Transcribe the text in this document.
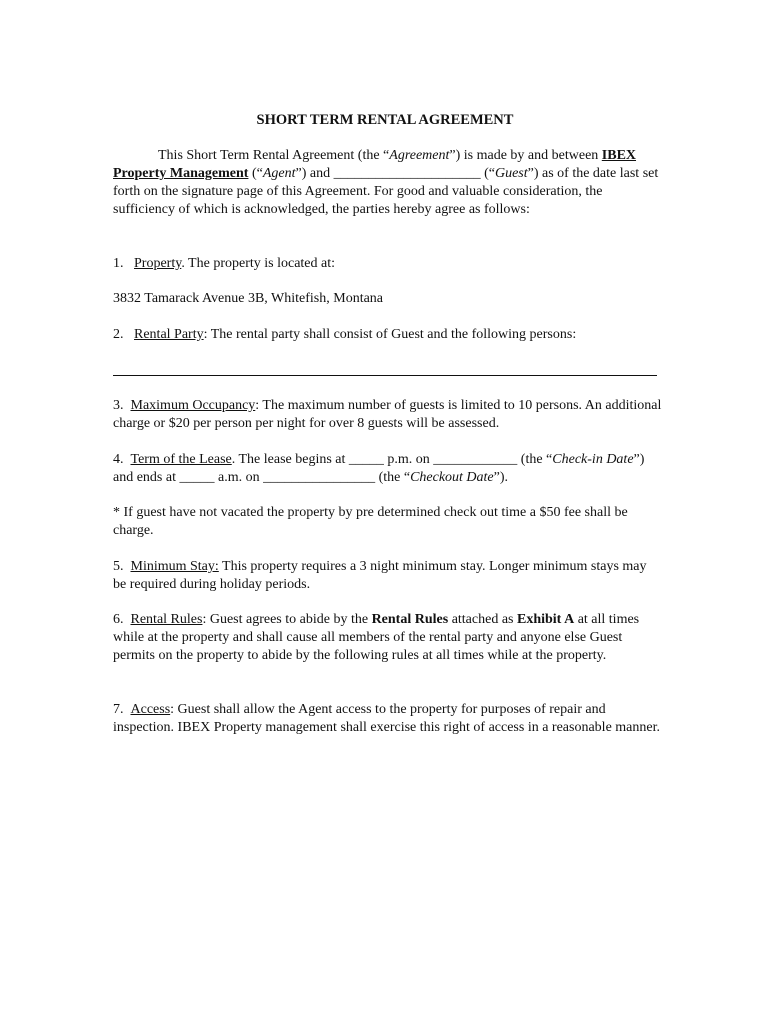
SHORT TERM RENTAL AGREEMENT
This Short Term Rental Agreement (the “Agreement”) is made by and between IBEX Property Management (“Agent”) and _____________________ (“Guest”) as of the date last set forth on the signature page of this Agreement. For good and valuable consideration, the sufficiency of which is acknowledged, the parties hereby agree as follows:
1. Property. The property is located at:
3832 Tamarack Avenue 3B, Whitefish, Montana
2. Rental Party: The rental party shall consist of Guest and the following persons:
3. Maximum Occupancy: The maximum number of guests is limited to 10 persons. An additional charge or $20 per person per night for over 8 guests will be assessed.
4. Term of the Lease. The lease begins at _____ p.m. on ____________ (the “Check-in Date”) and ends at _____ a.m. on ________________ (the “Checkout Date”).
* If guest have not vacated the property by pre determined check out time a $50 fee shall be charge.
5. Minimum Stay: This property requires a 3 night minimum stay. Longer minimum stays may be required during holiday periods.
6. Rental Rules: Guest agrees to abide by the Rental Rules attached as Exhibit A at all times while at the property and shall cause all members of the rental party and anyone else Guest permits on the property to abide by the following rules at all times while at the property.
7. Access: Guest shall allow the Agent access to the property for purposes of repair and inspection. IBEX Property management shall exercise this right of access in a reasonable manner.
